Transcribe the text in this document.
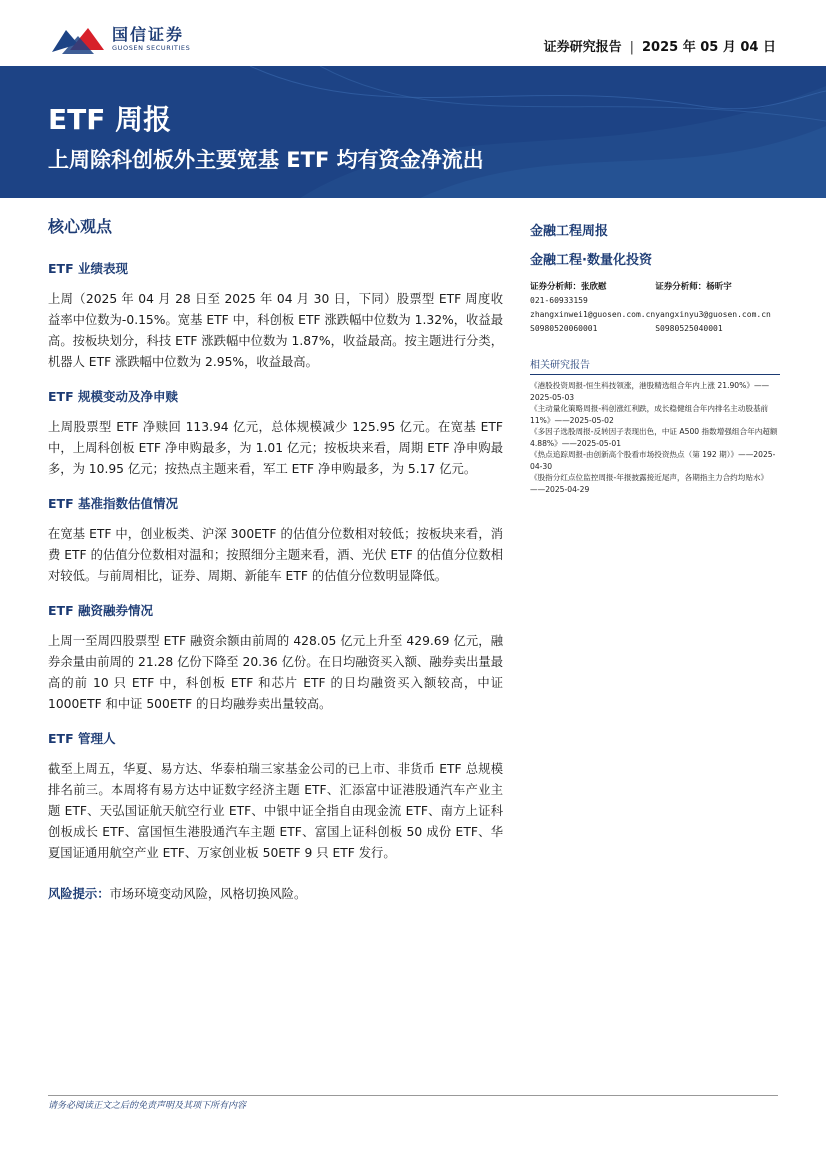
国信证券
GUOSEN SECURITIES	证券研究报告 | 2025 年 05 月 04 日
ETF 周报
上周除科创板外主要宽基 ETF 均有资金净流出
核心观点
ETF 业绩表现
上周（2025 年 04 月 28 日至 2025 年 04 月 30 日，下同）股票型 ETF 周度收益率中位数为-0.15%。宽基 ETF 中，科创板 ETF 涨跌幅中位数为 1.32%，收益最高。按板块划分，科技 ETF 涨跌幅中位数为 1.87%，收益最高。按主题进行分类，机器人 ETF 涨跌幅中位数为 2.95%，收益最高。
ETF 规模变动及净申赎
上周股票型 ETF 净赎回 113.94 亿元，总体规模减少 125.95 亿元。在宽基 ETF 中，上周科创板 ETF 净申购最多，为 1.01 亿元；按板块来看，周期 ETF 净申购最多，为 10.95 亿元；按热点主题来看，军工 ETF 净申购最多，为 5.17 亿元。
ETF 基准指数估值情况
在宽基 ETF 中，创业板类、沪深 300ETF 的估值分位数相对较低；按板块来看，消费 ETF 的估值分位数相对温和；按照细分主题来看，酒、光伏 ETF 的估值分位数相对较低。与前周相比，证券、周期、新能车 ETF 的估值分位数明显降低。
ETF 融资融券情况
上周一至周四股票型 ETF 融资余额由前周的 428.05 亿元上升至 429.69 亿元，融券余量由前周的 21.28 亿份下降至 20.36 亿份。在日均融资买入额、融券卖出量最高的前 10 只 ETF 中，科创板 ETF 和芯片 ETF 的日均融资买入额较高，中证 1000ETF 和中证 500ETF 的日均融券卖出量较高。
ETF 管理人
截至上周五，华夏、易方达、华泰柏瑞三家基金公司的已上市、非货币 ETF 总规模排名前三。本周将有易方达中证数字经济主题 ETF、汇添富中证港股通汽车产业主题 ETF、天弘国证航天航空行业 ETF、中银中证全指自由现金流 ETF、南方上证科创板成长 ETF、富国恒生港股通汽车主题 ETF、富国上证科创板 50 成份 ETF、华夏国证通用航空产业 ETF、万家创业板 50ETF 9 只 ETF 发行。
风险提示：市场环境变动风险，风格切换风险。
金融工程周报
金融工程·数量化投资
证券分析师：张欣慰
021-60933159
zhangxinwei1@guosen.com.cn
S0980520060001
证券分析师：杨昕宇

yangxinyu3@guosen.com.cn
S0980525040001
相关研究报告
《港股投资周报-恒生科技领涨，港股精选组合年内上涨 21.90%》——2025-05-03
《主动量化策略周报-科创涨红利跌，成长稳健组合年内排名主动股基前 11%》——2025-05-02
《多因子选股周报-反转因子表现出色，中证 A500 指数增强组合年内超额 4.88%》——2025-05-01
《热点追踪周报-由创新高个股看市场投资热点（第 192 期）》——2025-04-30
《股指分红点位监控周报-年报披露接近尾声，各期指主力合约均贴水》——2025-04-29
请务必阅读正文之后的免责声明及其项下所有内容
